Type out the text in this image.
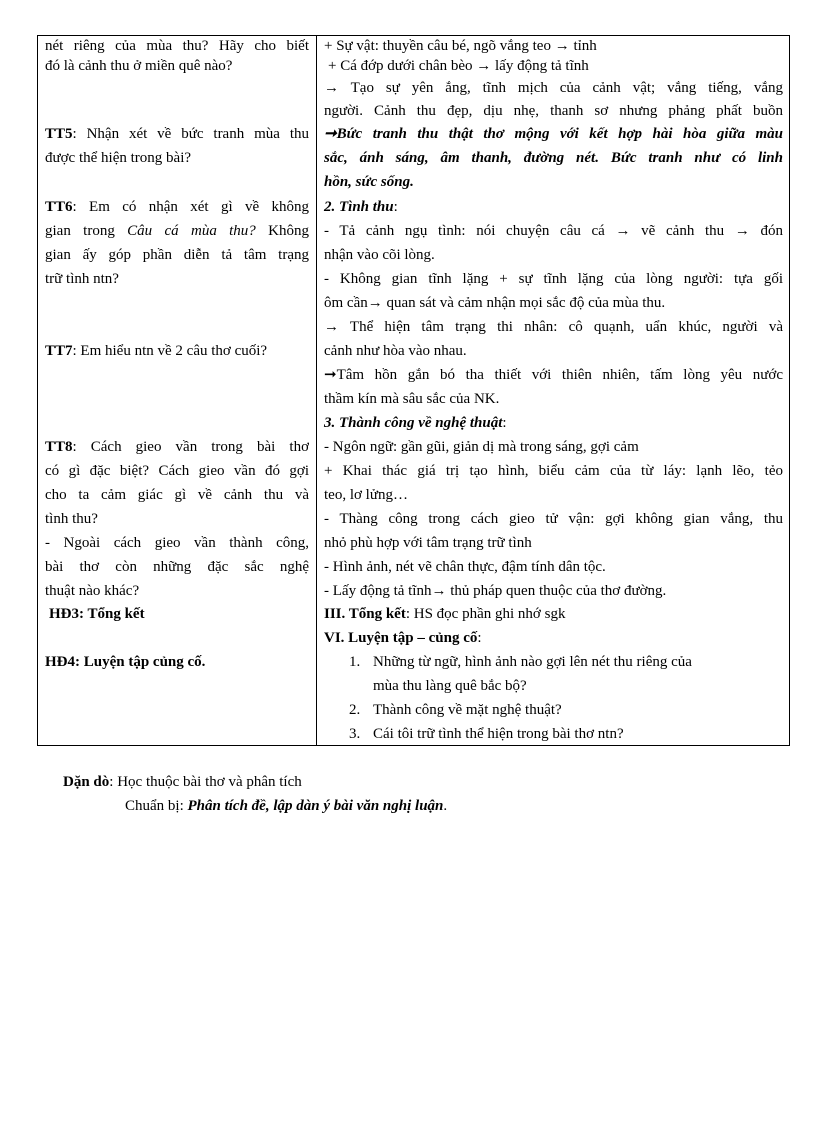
nét riêng của mùa thu? Hãy cho biết
đó là cảnh thu ở miền quê nào?
TT5: Nhận xét về bức tranh mùa thu
được thể hiện trong bài?
TT6: Em có nhận xét gì về không
gian trong Câu cá mùa thu? Không
gian ấy góp phần diễn tả tâm trạng
trữ tình ntn?
TT7: Em hiểu ntn về 2 câu thơ cuối?
TT8: Cách gieo vần trong bài thơ
có gì đặc biệt? Cách gieo vần đó gợi
cho ta cảm giác gì về cảnh thu và
tình thu?
- Ngoài cách gieo vần thành công,
bài thơ còn những đặc sắc nghệ
thuật nào khác?
HĐ3: Tổng kết
HĐ4: Luyện tập củng cố.
+ Sự vật: thuyền câu bé, ngõ vắng teo → tỉnh
+ Cá đớp dưới chân bèo → lấy động tả tĩnh
→ Tạo sự yên ắng, tĩnh mịch của cảnh vật; vắng tiếng, vắng
người. Cảnh thu đẹp, dịu nhẹ, thanh sơ nhưng phảng phất buồn
➞Bức tranh thu thật thơ mộng với kết hợp hài hòa giữa màu
sắc, ánh sáng, âm thanh, đường nét. Bức tranh như có linh
hồn, sức sống.
2. Tình thu:
- Tả cảnh ngụ tình: nói chuyện câu cá → vẽ cảnh thu → đón
nhận vào cõi lòng.
- Không gian tĩnh lặng + sự tĩnh lặng của lòng người: tựa gối
ôm cần→ quan sát và cảm nhận mọi sắc độ của mùa thu.
→ Thể hiện tâm trạng thi nhân: cô quạnh, uẩn khúc, người và
cảnh như hòa vào nhau.
➞Tâm hồn gắn bó tha thiết với thiên nhiên, tấm lòng yêu nước
thầm kín mà sâu sắc của NK.
3. Thành công về nghệ thuật:
- Ngôn ngữ: gần gũi, giản dị mà trong sáng, gợi cảm
+ Khai thác giá trị tạo hình, biểu cảm của từ láy: lạnh lẽo, tẻo
teo, lơ lửng…
- Thàng công trong cách gieo tử vận: gợi không gian vắng, thu
nhỏ phù hợp với tâm trạng trữ tình
- Hình ảnh, nét vẽ chân thực, đậm tính dân tộc.
- Lấy động tả tĩnh→ thủ pháp quen thuộc của thơ đường.
III. Tổng kết: HS đọc phần ghi nhớ sgk
VI. Luyện tập – củng cố:
1. Những từ ngữ, hình ảnh nào gợi lên nét thu riêng của
mùa thu làng quê bắc bộ?
2. Thành công về mặt nghệ thuật?
3. Cái tôi trữ tình thể hiện trong bài thơ ntn?
Dặn dò: Học thuộc bài thơ và phân tích
Chuẩn bị: Phân tích đề, lập dàn ý bài văn nghị luận.
